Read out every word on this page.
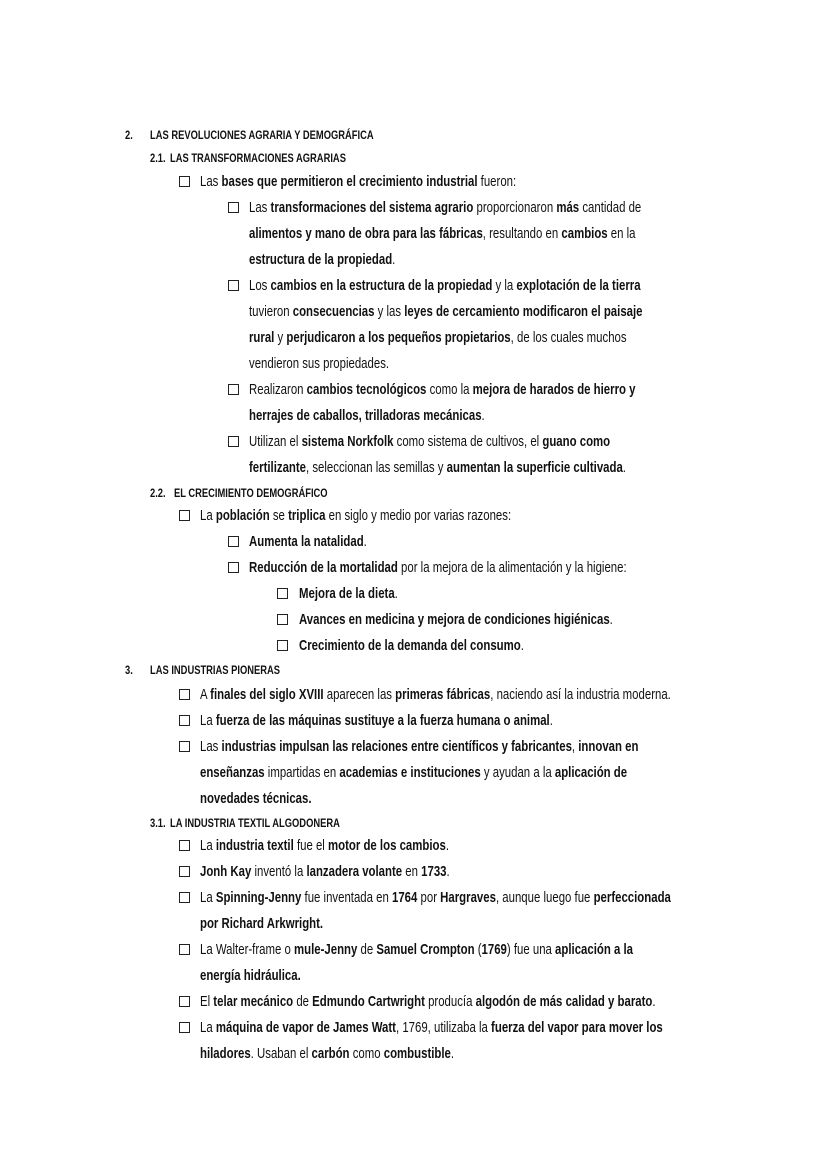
2. LAS REVOLUCIONES AGRARIA Y DEMOGRÁFICA
2.1. LAS TRANSFORMACIONES AGRARIAS
2.2. EL CRECIMIENTO DEMOGRÁFICO
3. LAS INDUSTRIAS PIONERAS
3.1. LA INDUSTRIA TEXTIL ALGODONERA
Las bases que permitieron el crecimiento industrial fueron:
Las transformaciones del sistema agrario proporcionaron más cantidad de
alimentos y mano de obra para las fábricas, resultando en cambios en la
estructura de la propiedad.
Los cambios en la estructura de la propiedad y la explotación de la tierra
tuvieron consecuencias y las leyes de cercamiento modificaron el paisaje
rural y perjudicaron a los pequeños propietarios, de los cuales muchos
vendieron sus propiedades.
Realizaron cambios tecnológicos como la mejora de harados de hierro y
herrajes de caballos, trilladoras mecánicas.
Utilizan el sistema Norkfolk como sistema de cultivos, el guano como
fertilizante, seleccionan las semillas y aumentan la superficie cultivada.
La población se triplica en siglo y medio por varias razones:
Aumenta la natalidad.
Reducción de la mortalidad por la mejora de la alimentación y la higiene:
Mejora de la dieta.
Avances en medicina y mejora de condiciones higiénicas.
Crecimiento de la demanda del consumo.
A finales del siglo XVIII aparecen las primeras fábricas, naciendo así la industria moderna.
La fuerza de las máquinas sustituye a la fuerza humana o animal.
Las industrias impulsan las relaciones entre científicos y fabricantes, innovan en
enseñanzas impartidas en academias e instituciones y ayudan a la aplicación de
novedades técnicas.
La industria textil fue el motor de los cambios.
Jonh Kay inventó la lanzadera volante en 1733.
La Spinning-Jenny fue inventada en 1764 por Hargraves, aunque luego fue perfeccionada
por Richard Arkwright.
La Walter-frame o mule-Jenny de Samuel Crompton (1769) fue una aplicación a la
energía hidráulica.
El telar mecánico de Edmundo Cartwright producía algodón de más calidad y barato.
La máquina de vapor de James Watt, 1769, utilizaba la fuerza del vapor para mover los
hiladores. Usaban el carbón como combustible.
